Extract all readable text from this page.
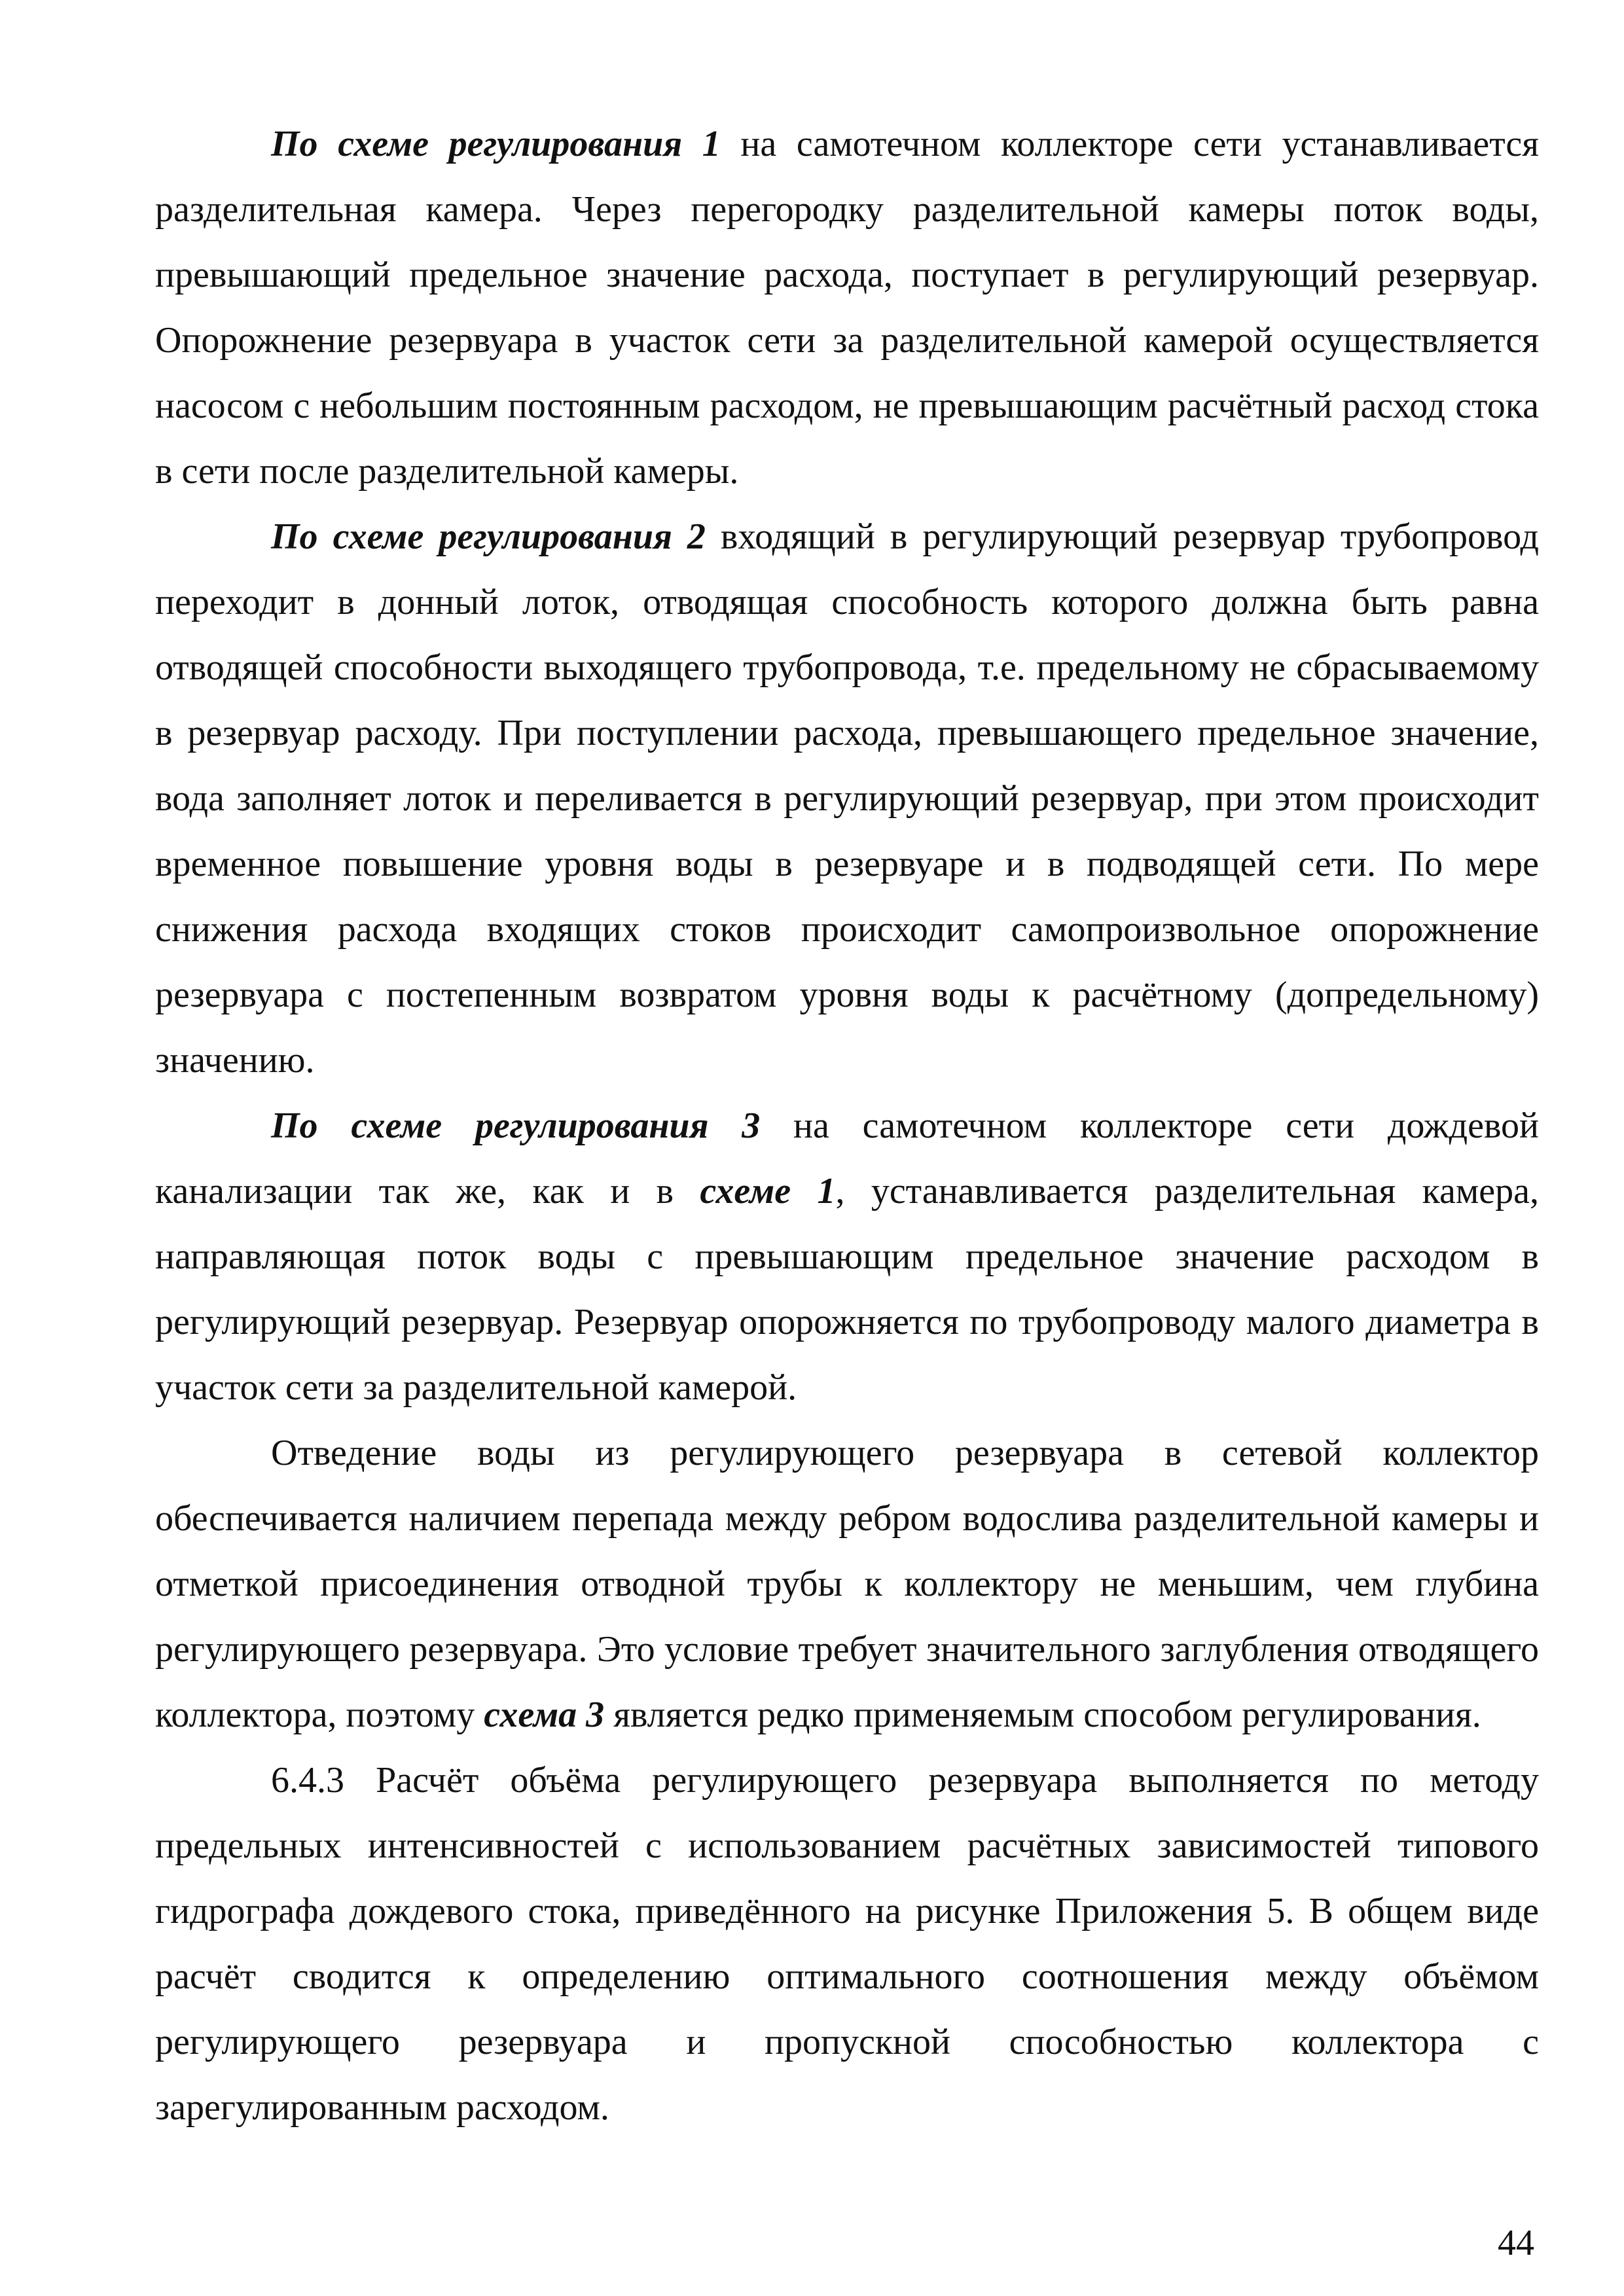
По схеме регулирования 1 на самотечном коллекторе сети устанавливается разделительная камера. Через перегородку разделительной камеры поток воды, превышающий предельное значение расхода, поступает в регулирующий резервуар. Опорожнение резервуара в участок сети за разделительной камерой осуществляется насосом с небольшим постоянным расходом, не превышающим расчётный расход стока в сети после разделительной камеры.

По схеме регулирования 2 входящий в регулирующий резервуар трубопровод переходит в донный лоток, отводящая способность которого должна быть равна отводящей способности выходящего трубопровода, т.е. предельному не сбрасываемому в резервуар расходу. При поступлении расхода, превышающего предельное значение, вода заполняет лоток и переливается в регулирующий резервуар, при этом происходит временное повышение уровня воды в резервуаре и в подводящей сети. По мере снижения расхода входящих стоков происходит самопроизвольное опорожнение резервуара с постепенным возвратом уровня воды к расчётному (допредельному) значению.

По схеме регулирования 3 на самотечном коллекторе сети дождевой канализации так же, как и в схеме 1, устанавливается разделительная камера, направляющая поток воды с превышающим предельное значение расходом в регулирующий резервуар. Резервуар опорожняется по трубопроводу малого диаметра в участок сети за разделительной камерой.

Отведение воды из регулирующего резервуара в сетевой коллектор обеспечивается наличием перепада между ребром водослива разделительной камеры и отметкой присоединения отводной трубы к коллектору не меньшим, чем глубина регулирующего резервуара. Это условие требует значительного заглубления отводящего коллектора, поэтому схема 3 является редко применяемым способом регулирования.

6.4.3 Расчёт объёма регулирующего резервуара выполняется по методу предельных интенсивностей с использованием расчётных зависимостей типового гидрографа дождевого стока, приведённого на рисунке Приложения 5. В общем виде расчёт сводится к определению оптимального соотношения между объёмом регулирующего резервуара и пропускной способностью коллектора с зарегулированным расходом.

44
